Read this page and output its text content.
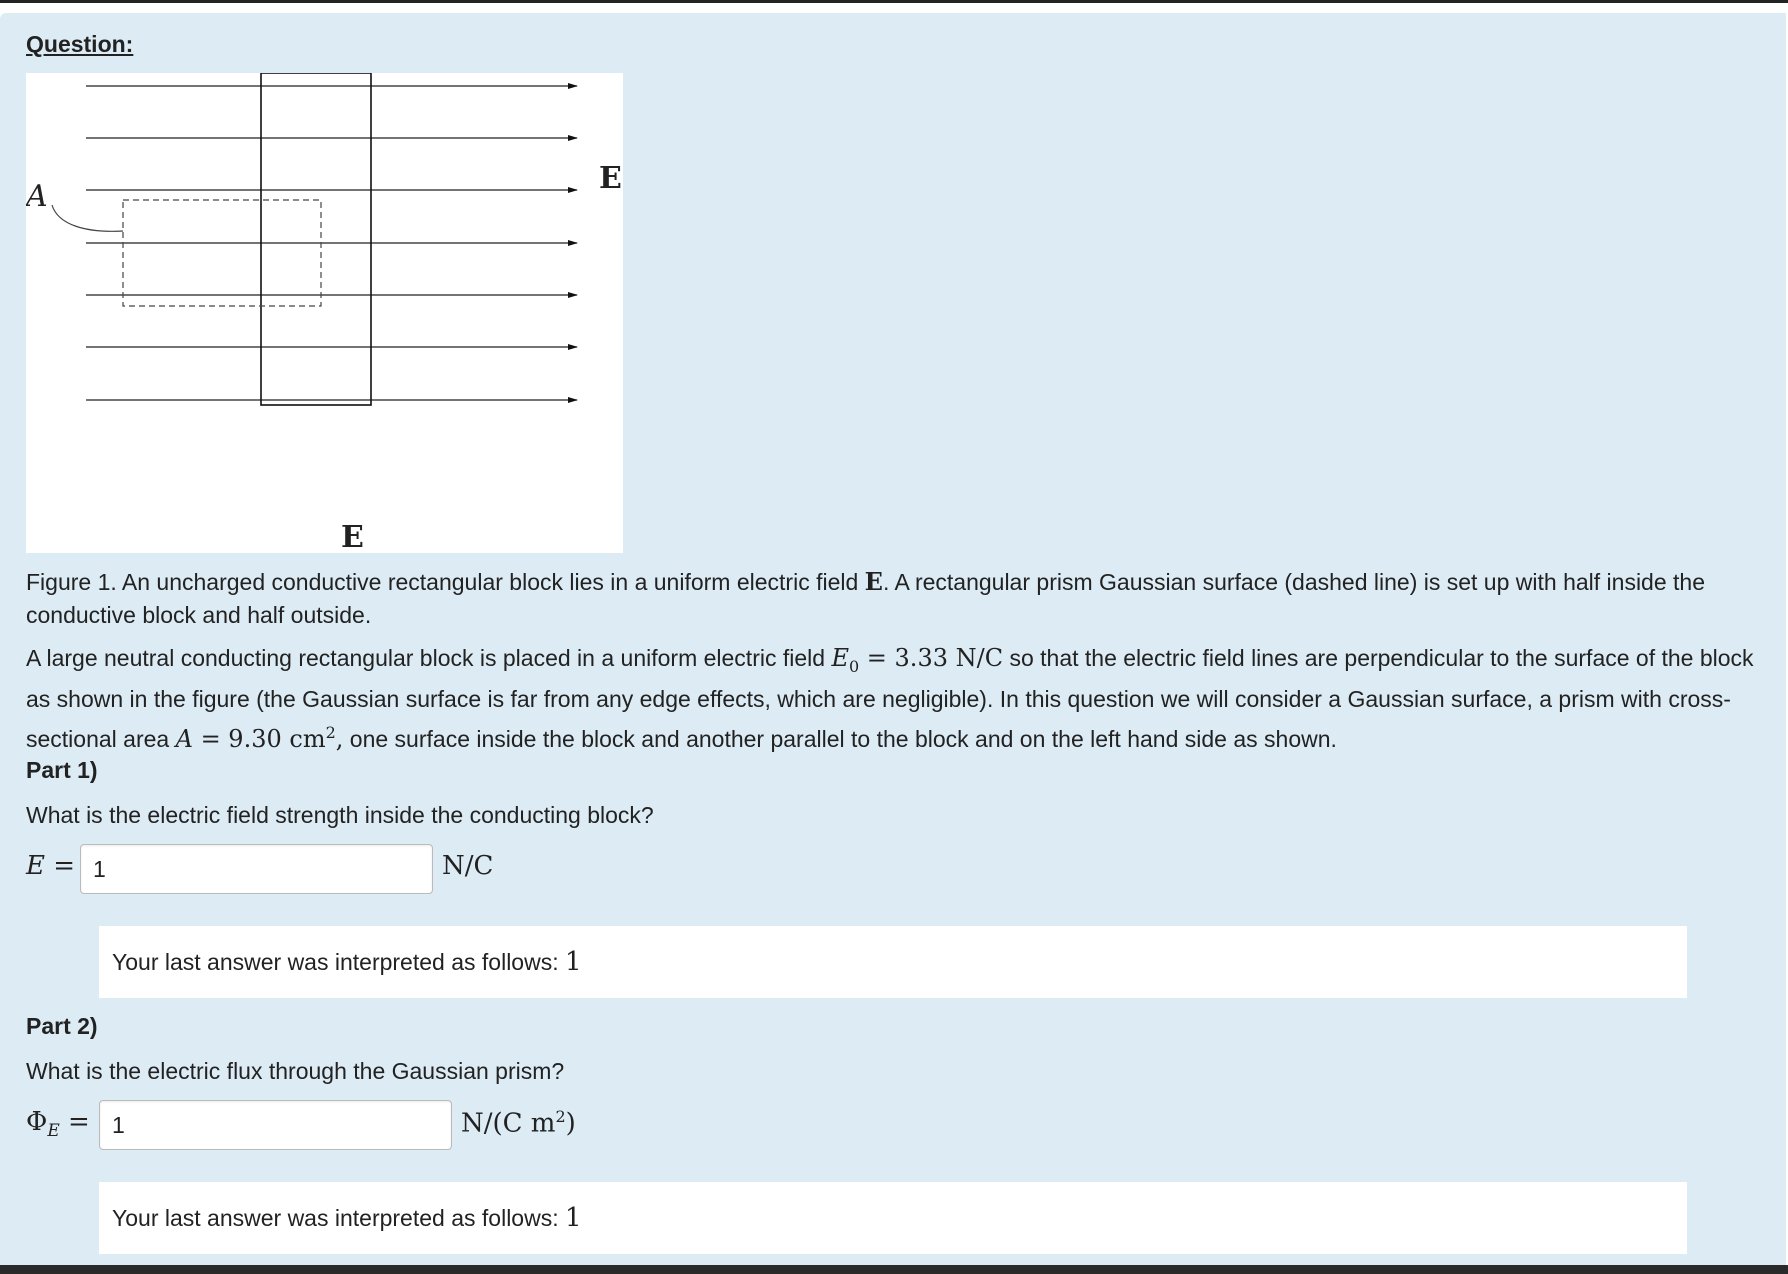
Question:
A
E
E
Figure 1. An uncharged conductive rectangular block lies in a uniform electric field E. A rectangular prism Gaussian surface (dashed line) is set up with half inside the conductive block and half outside.
A large neutral conducting rectangular block is placed in a uniform electric field $E_0 = 3.33$ N/C so that the electric field lines are perpendicular to the surface of the block as shown in the figure (the Gaussian surface is far from any edge effects, which are negligible). In this question we will consider a Gaussian surface, a prism with cross-sectional area A = 9.30 $cm^2$, one surface inside the block and another parallel to the block and on the left hand side as shown.
Part 1)
What is the electric field strength inside the conducting block?
E =
1	N/C
Your last answer was interpreted as follows: 1
Part 2)
What is the electric flux through the Gaussian prism?
$\Phi_E$ =
1	N/(C $m^2$)
Your last answer was interpreted as follows: 1
